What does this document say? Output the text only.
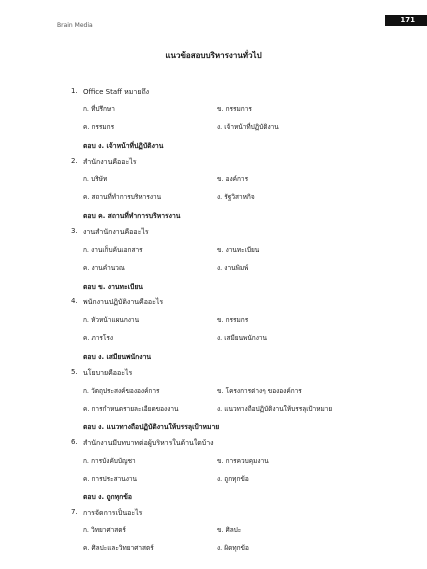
Brain Media
171
แนวข้อสอบบริหารงานทั่วไป
1. Office Staff หมายถึง
ก. ที่ปรึกษา	ข. กรรมการ
ค. กรรมกร	ง. เจ้าหน้าที่ปฏิบัติงาน
ตอบ ง. เจ้าหน้าที่ปฏิบัติงาน
2. สำนักงานคืออะไร
ก. บริษัท	ข. องค์การ
ค. สถานที่ทำการบริหารงาน	ง. รัฐวิสาหกิจ
ตอบ ค. สถานที่ทำการบริหารงาน
3. งานสำนักงานคืออะไร
ก. งานเก็บค้นเอกสาร	ข. งานทะเบียน
ค. งานคำนวณ	ง. งานพิมพ์
ตอบ ข. งานทะเบียน
4. พนักงานปฏิบัติงานคืออะไร
ก. หัวหน้าแผนกงาน	ข. กรรมกร
ค. ภารโรง	ง. เสมียนพนักงาน
ตอบ ง. เสมียนพนักงาน
5. นโยบายคืออะไร
ก. วัตถุประสงค์ขององค์การ	ข. โครงการต่างๆ ขององค์การ
ค. การกำหนดรายละเอียดของงาน	ง. แนวทางถือปฏิบัติงานให้บรรลุเป้าหมาย
ตอบ ง. แนวทางถือปฏิบัติงานให้บรรลุเป้าหมาย
6. สำนักงานมีบทบาทต่อผู้บริหารในด้านใดบ้าง
ก. การบังคับบัญชา	ข. การควบคุมงาน
ค. การประสานงาน	ง. ถูกทุกข้อ
ตอบ ง. ถูกทุกข้อ
7. การจัดการเป็นอะไร
ก. วิทยาศาสตร์	ข. ศิลปะ
ค. ศิลปะและวิทยาศาสตร์	ง. ผิดทุกข้อ
